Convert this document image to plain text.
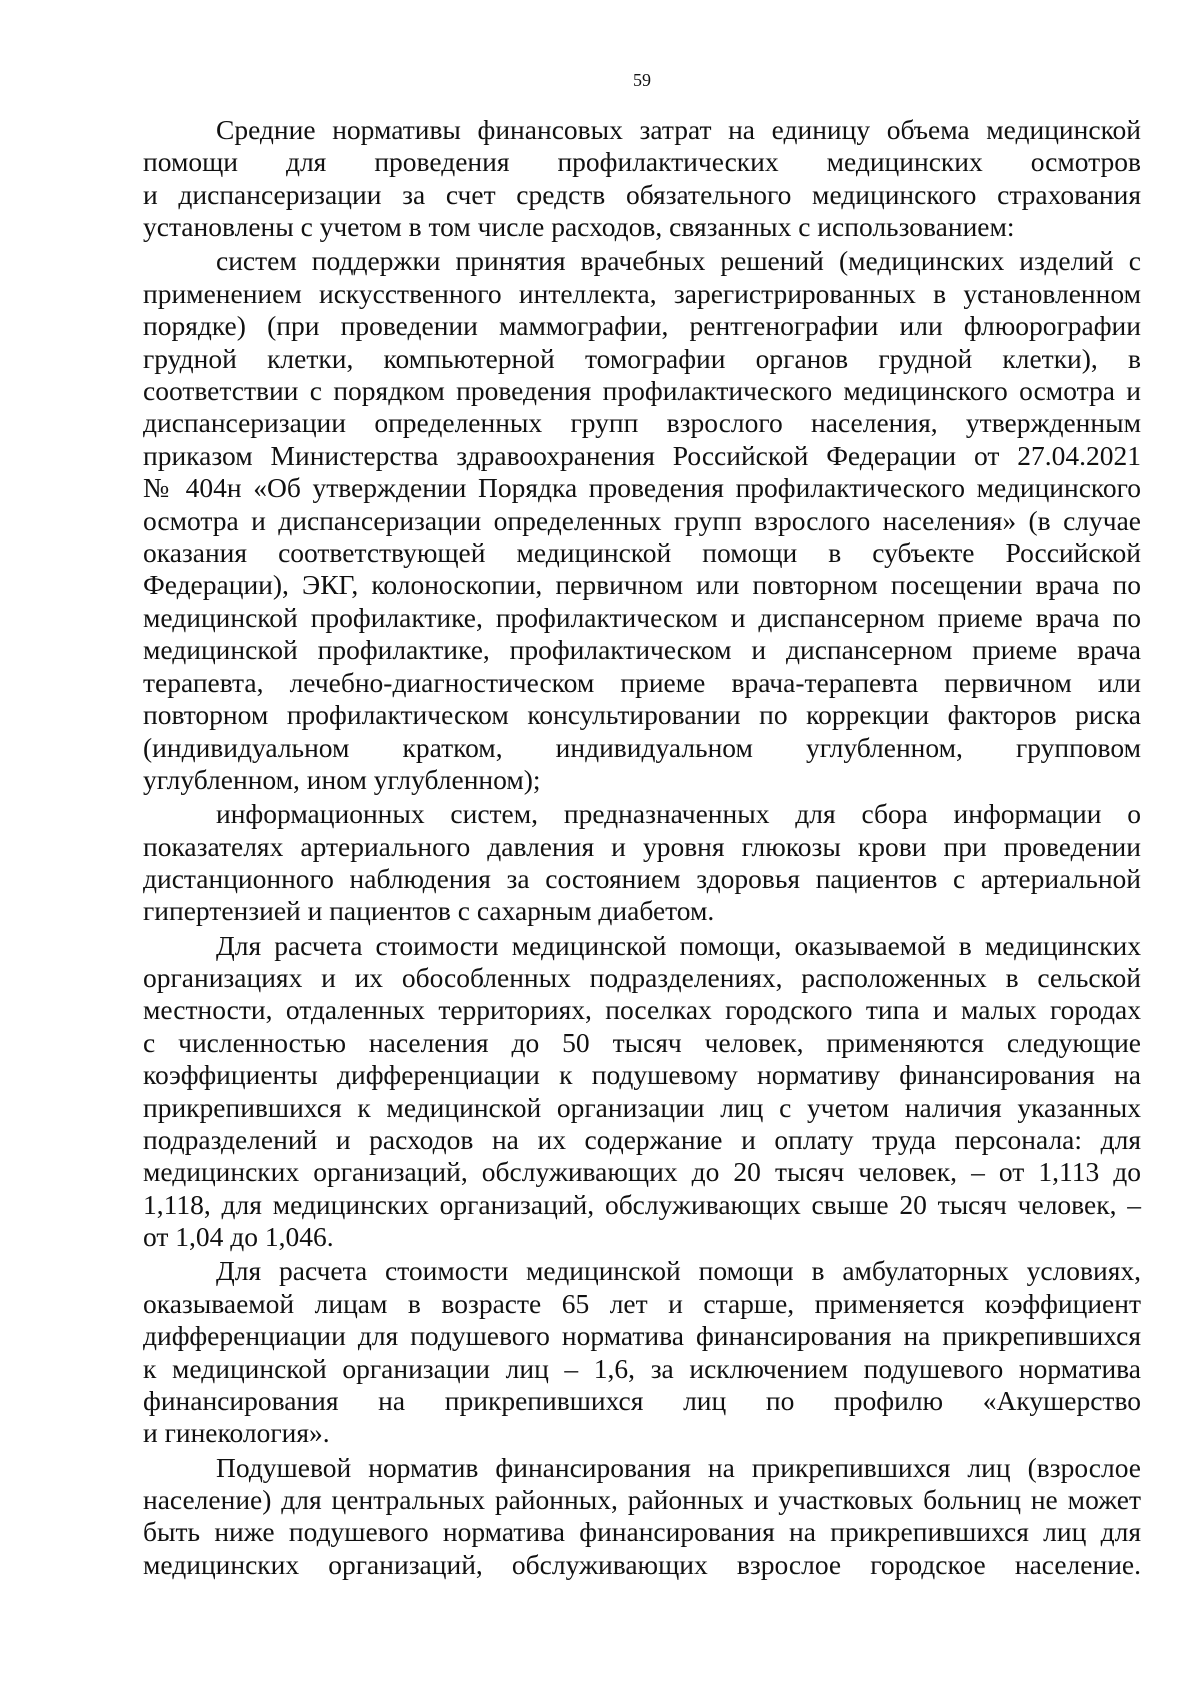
59
Средние нормативы финансовых затрат на единицу объема медицинской
помощи для проведения профилактических медицинских осмотров
и диспансеризации за счет средств обязательного медицинского страхования
установлены с учетом в том числе расходов, связанных с использованием:
систем поддержки принятия врачебных решений (медицинских изделий с
применением искусственного интеллекта, зарегистрированных в установленном
порядке) (при проведении маммографии, рентгенографии или флюорографии
грудной клетки, компьютерной томографии органов грудной клетки), в
соответствии с порядком проведения профилактического медицинского осмотра и
диспансеризации определенных групп взрослого населения, утвержденным
приказом Министерства здравоохранения Российской Федерации от 27.04.2021
№ 404н «Об утверждении Порядка проведения профилактического медицинского
осмотра и диспансеризации определенных групп взрослого населения» (в случае
оказания соответствующей медицинской помощи в субъекте Российской
Федерации), ЭКГ, колоноскопии, первичном или повторном посещении врача по
медицинской профилактике, профилактическом и диспансерном приеме врача по
медицинской профилактике, профилактическом и диспансерном приеме врача
терапевта, лечебно-диагностическом приеме врача-терапевта первичном или
повторном профилактическом консультировании по коррекции факторов риска
(индивидуальном кратком, индивидуальном углубленном, групповом
углубленном, ином углубленном);
информационных систем, предназначенных для сбора информации о
показателях артериального давления и уровня глюкозы крови при проведении
дистанционного наблюдения за состоянием здоровья пациентов с артериальной
гипертензией и пациентов с сахарным диабетом.
Для расчета стоимости медицинской помощи, оказываемой в медицинских
организациях и их обособленных подразделениях, расположенных в сельской
местности, отдаленных территориях, поселках городского типа и малых городах
с численностью населения до 50 тысяч человек, применяются следующие
коэффициенты дифференциации к подушевому нормативу финансирования на
прикрепившихся к медицинской организации лиц с учетом наличия указанных
подразделений и расходов на их содержание и оплату труда персонала: для
медицинских организаций, обслуживающих до 20 тысяч человек, – от 1,113 до
1,118, для медицинских организаций, обслуживающих свыше 20 тысяч человек, –
от 1,04 до 1,046.
Для расчета стоимости медицинской помощи в амбулаторных условиях,
оказываемой лицам в возрасте 65 лет и старше, применяется коэффициент
дифференциации для подушевого норматива финансирования на прикрепившихся
к медицинской организации лиц – 1,6, за исключением подушевого норматива
финансирования на прикрепившихся лиц по профилю «Акушерство
и гинекология».
Подушевой норматив финансирования на прикрепившихся лиц (взрослое
население) для центральных районных, районных и участковых больниц не может
быть ниже подушевого норматива финансирования на прикрепившихся лиц для
медицинских организаций, обслуживающих взрослое городское население.
